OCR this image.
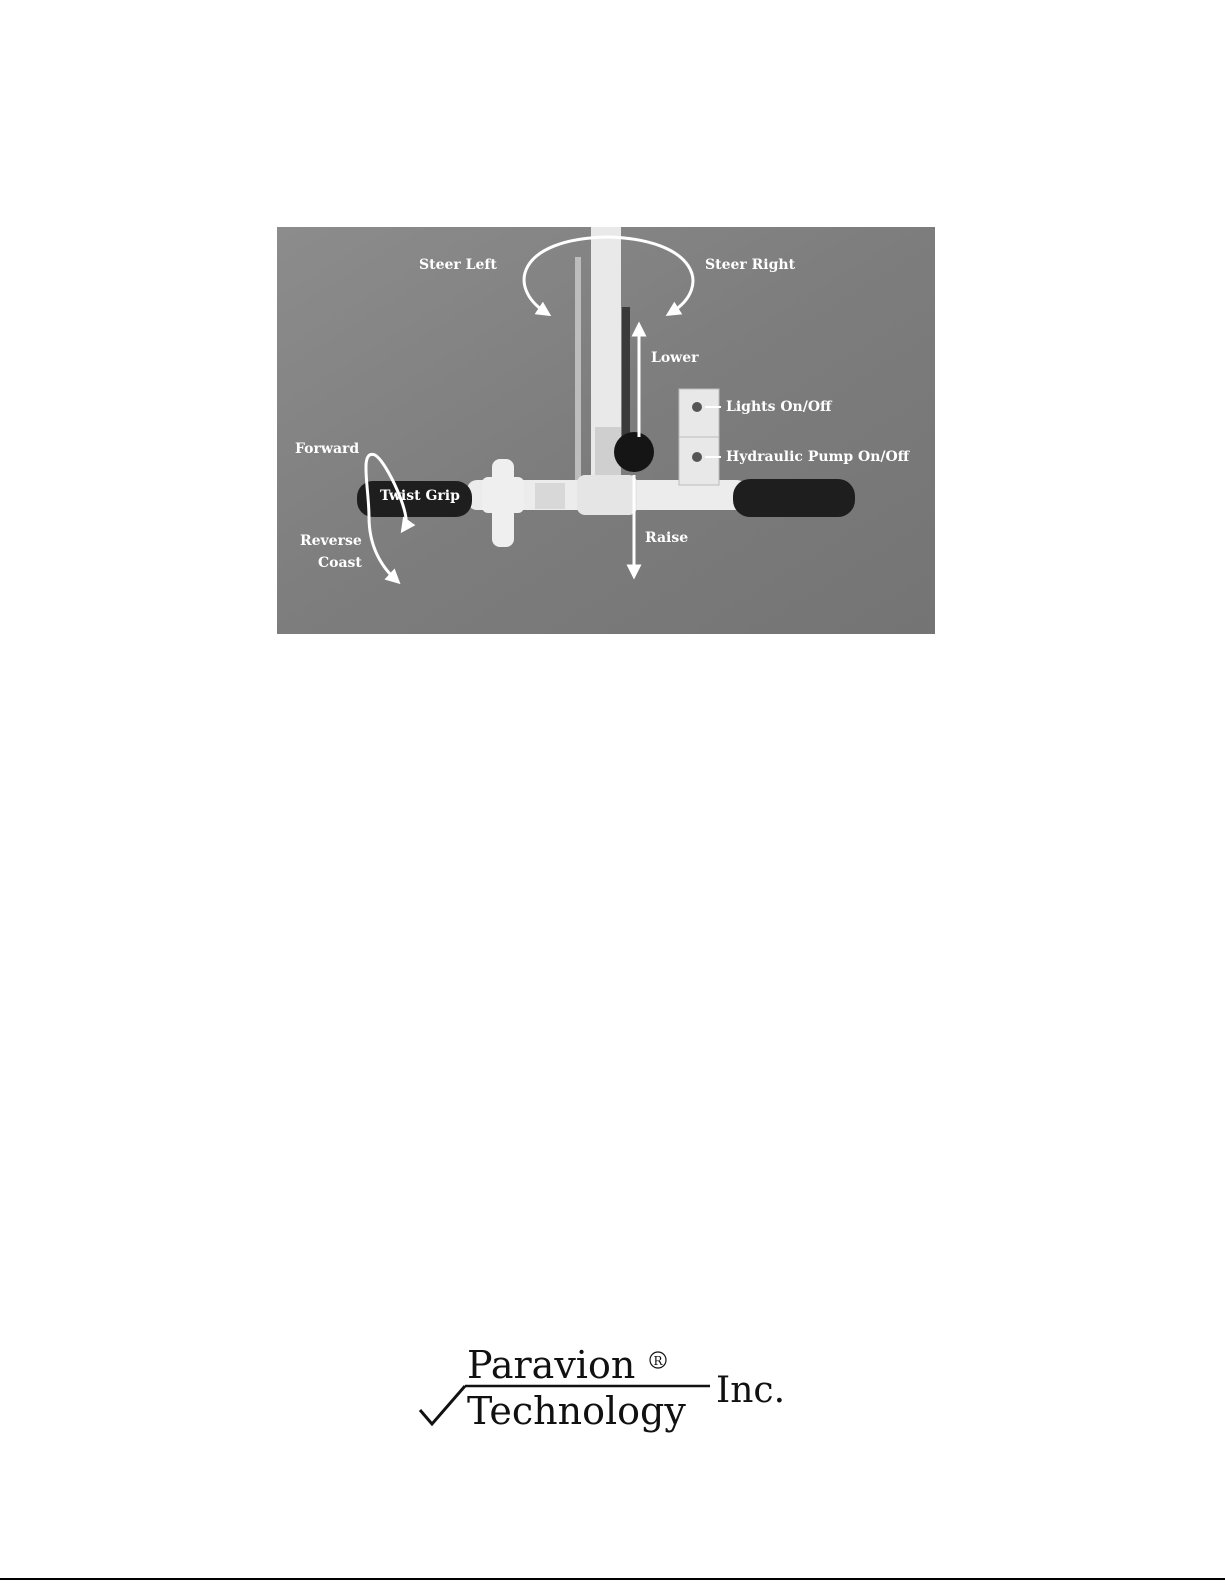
Steer Left	Steer Right
Lower
Lights On/Off
Hydraulic Pump On/Off
Forward
Twist Grip
Reverse
Coast
Raise
Paravion
Technology Inc.
R
